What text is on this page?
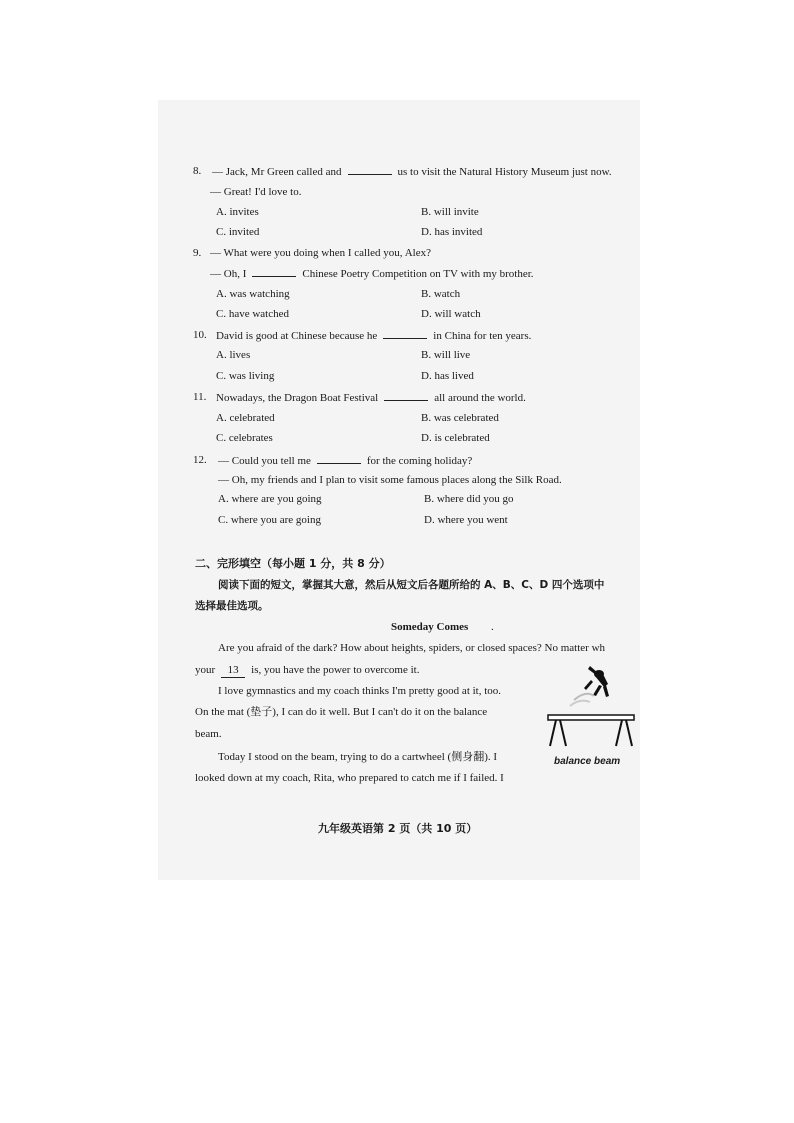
8. — Jack, Mr Green called and	us to visit the Natural History Museum just now.
— Great! I'd love to.
A. invites	B. will invite
C. invited	D. has invited
9. — What were you doing when I called you, Alex?
— Oh, I	Chinese Poetry Competition on TV with my brother.
A. was watching	B. watch
C. have watched	D. will watch
10. David is good at Chinese because he	in China for ten years.
A. lives	B. will live
C. was living	D. has lived
11. Nowadays, the Dragon Boat Festival	all around the world.
A. celebrated	B. was celebrated
C. celebrates	D. is celebrated
12. — Could you tell me	for the coming holiday?
— Oh, my friends and I plan to visit some famous places along the Silk Road.
A. where are you going	B. where did you go
C. where you are going	D. where you went
二、完形填空（每小题 1 分，共 8 分）
阅读下面的短文，掌握其大意，然后从短文后各题所给的 A、B、C、D 四个选项中
选择最佳选项。
Someday Comes .
Are you afraid of the dark? How about heights, spiders, or closed spaces? No matter wh
your 13 is, you have the power to overcome it.
I love gymnastics and my coach thinks I'm pretty good at it, too.
On the mat (垫子), I can do it well. But I can't do it on the balance
beam.
Today I stood on the beam, trying to do a cartwheel (侧身翻). I
looked down at my coach, Rita, who prepared to catch me if I failed. I
balance beam
九年级英语第 2 页（共 10 页）
